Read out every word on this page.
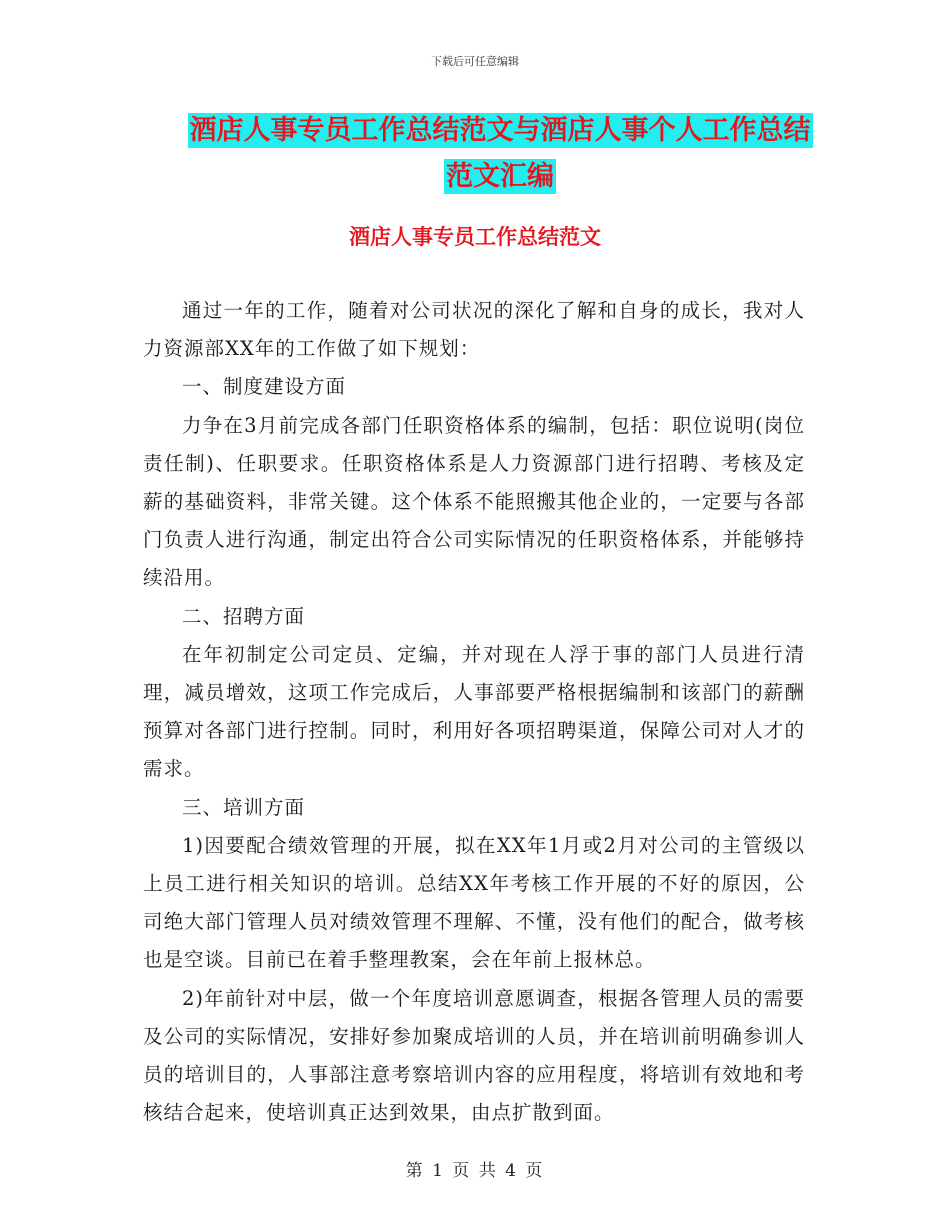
下载后可任意编辑
酒店人事专员工作总结范文与酒店人事个人工作总结
范文汇编
酒店人事专员工作总结范文

通过一年的工作，随着对公司状况的深化了解和自身的成长，我对人力资源部XX年的工作做了如下规划：

一、制度建设方面

力争在3月前完成各部门任职资格体系的编制，包括：职位说明(岗位责任制)、任职要求。任职资格体系是人力资源部门进行招聘、考核及定薪的基础资料，非常关键。这个体系不能照搬其他企业的，一定要与各部门负责人进行沟通，制定出符合公司实际情况的任职资格体系，并能够持续沿用。

二、招聘方面

在年初制定公司定员、定编，并对现在人浮于事的部门人员进行清理，减员增效，这项工作完成后，人事部要严格根据编制和该部门的薪酬预算对各部门进行控制。同时，利用好各项招聘渠道，保障公司对人才的需求。

三、培训方面

1)因要配合绩效管理的开展，拟在XX年1月或2月对公司的主管级以上员工进行相关知识的培训。总结XX年考核工作开展的不好的原因，公司绝大部门管理人员对绩效管理不理解、不懂，没有他们的配合，做考核也是空谈。目前已在着手整理教案，会在年前上报林总。

2)年前针对中层，做一个年度培训意愿调查，根据各管理人员的需要及公司的实际情况，安排好参加聚成培训的人员，并在培训前明确参训人员的培训目的，人事部注意考察培训内容的应用程度，将培训有效地和考核结合起来，使培训真正达到效果，由点扩散到面。

第 1 页 共 4 页
